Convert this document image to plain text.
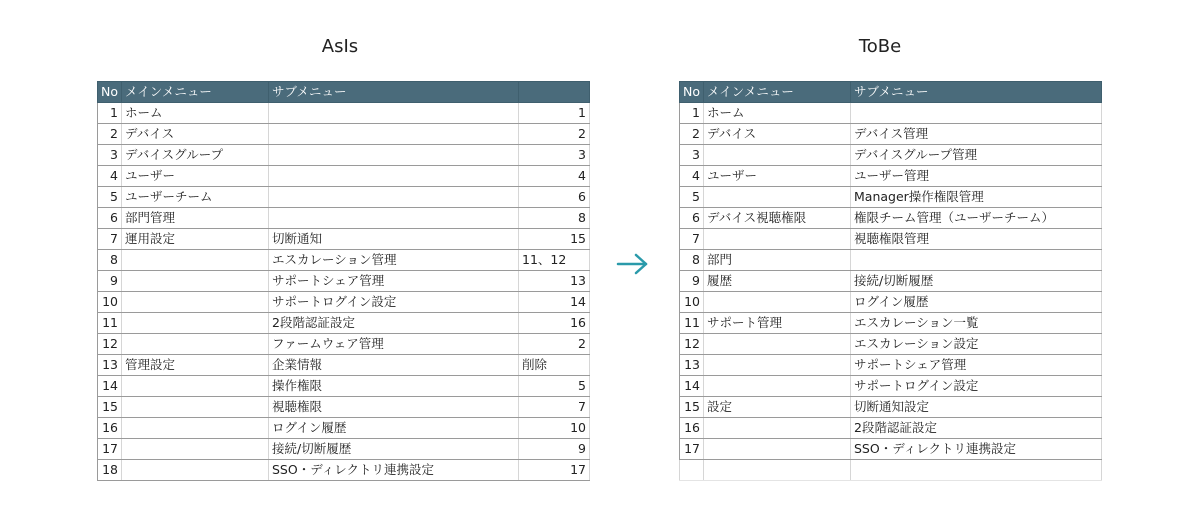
AsIs	ToBe
No	メインメニュー	サブメニュー	
1	ホーム		1
2	デバイス		2
3	デバイスグループ		3
4	ユーザー		4
5	ユーザーチーム		6
6	部門管理		8
7	運用設定	切断通知	15
8		エスカレーション管理	11、12
9		サポートシェア管理	13
10		サポートログイン設定	14
11		2段階認証設定	16
12		ファームウェア管理	2
13	管理設定	企業情報	削除
14		操作権限	5
15		視聴権限	7
16		ログイン履歴	10
17		接続/切断履歴	9
18		SSO・ディレクトリ連携設定	17
No	メインメニュー	サブメニュー
1	ホーム	
2	デバイス	デバイス管理
3		デバイスグループ管理
4	ユーザー	ユーザー管理
5		Manager操作権限管理
6	デバイス視聴権限	権限チーム管理（ユーザーチーム）
7		視聴権限管理
8	部門	
9	履歴	接続/切断履歴
10		ログイン履歴
11	サポート管理	エスカレーション一覧
12		エスカレーション設定
13		サポートシェア管理
14		サポートログイン設定
15	設定	切断通知設定
16		2段階認証設定
17		SSO・ディレクトリ連携設定
